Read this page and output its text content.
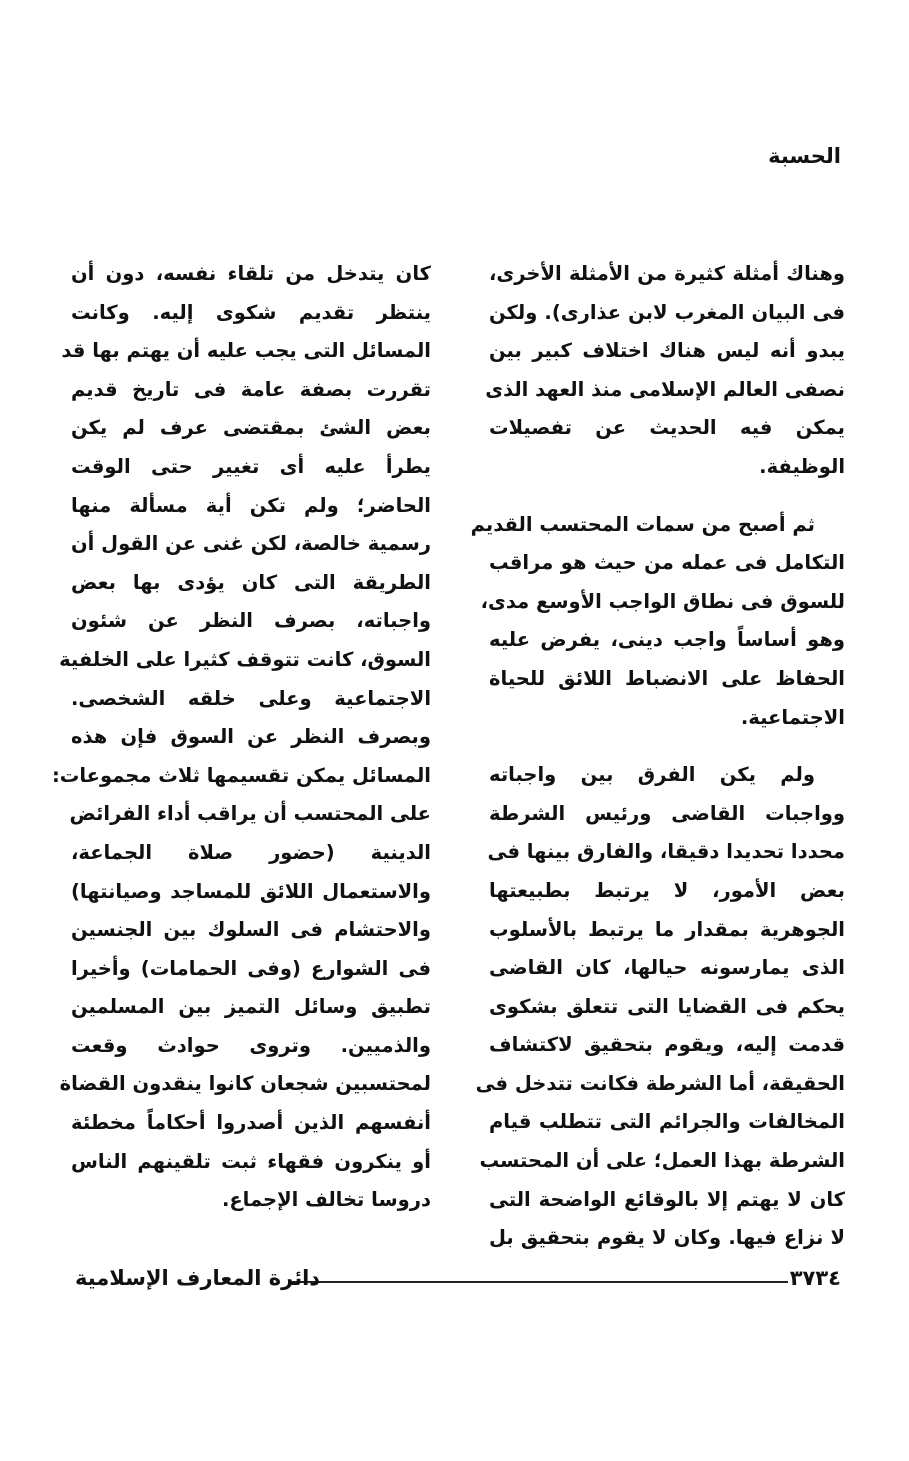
الحسبة
وهناك أمثلة كثيرة من الأمثلة الأخرى،
فى البيان المغرب لابن عذارى). ولكن
يبدو أنه ليس هناك اختلاف كبير بين
نصفى العالم الإسلامى منذ العهد الذى
يمكن فيه الحديث عن تفصيلات
الوظيفة.
ثم أصبح من سمات المحتسب القديم
التكامل فى عمله من حيث هو مراقب
للسوق فى نطاق الواجب الأوسع مدى،
وهو أساساً واجب دينى، يفرض عليه
الحفاظ على الانضباط اللائق للحياة
الاجتماعية.
ولم يكن الفرق بين واجباته
وواجبات القاضى ورئيس الشرطة
محددا تحديدا دقيقا، والفارق بينها فى
بعض الأمور، لا يرتبط بطبيعتها
الجوهرية بمقدار ما يرتبط بالأسلوب
الذى يمارسونه حيالها، كان القاضى
يحكم فى القضايا التى تتعلق بشكوى
قدمت إليه، ويقوم بتحقيق لاكتشاف
الحقيقة، أما الشرطة فكانت تتدخل فى
المخالفات والجرائم التى تتطلب قيام
الشرطة بهذا العمل؛ على أن المحتسب
كان لا يهتم إلا بالوقائع الواضحة التى
لا نزاع فيها. وكان لا يقوم بتحقيق بل
كان يتدخل من تلقاء نفسه، دون أن
ينتظر تقديم شكوى إليه. وكانت
المسائل التى يجب عليه أن يهتم بها قد
تقررت بصفة عامة فى تاريخ قديم
بعض الشئ بمقتضى عرف لم يكن
يطرأ عليه أى تغيير حتى الوقت
الحاضر؛ ولم تكن أية مسألة منها
رسمية خالصة، لكن غنى عن القول أن
الطريقة التى كان يؤدى بها بعض
واجباته، بصرف النظر عن شئون
السوق، كانت تتوقف كثيرا على الخلفية
الاجتماعية وعلى خلقه الشخصى.
وبصرف النظر عن السوق فإن هذه
المسائل يمكن تقسيمها ثلاث مجموعات:
على المحتسب أن يراقب أداء الفرائض
الدينية (حضور صلاة الجماعة،
والاستعمال اللائق للمساجد وصيانتها)
والاحتشام فى السلوك بين الجنسين
فى الشوارع (وفى الحمامات) وأخيرا
تطبيق وسائل التميز بين المسلمين
والذميين. وتروى حوادث وقعت
لمحتسبين شجعان كانوا ينقدون القضاة
أنفسهم الذين أصدروا أحكاماً مخطئة
أو ينكرون فقهاء ثبت تلقينهم الناس
دروسا تخالف الإجماع.
٣٧٣٤
دائرة المعارف الإسلامية
